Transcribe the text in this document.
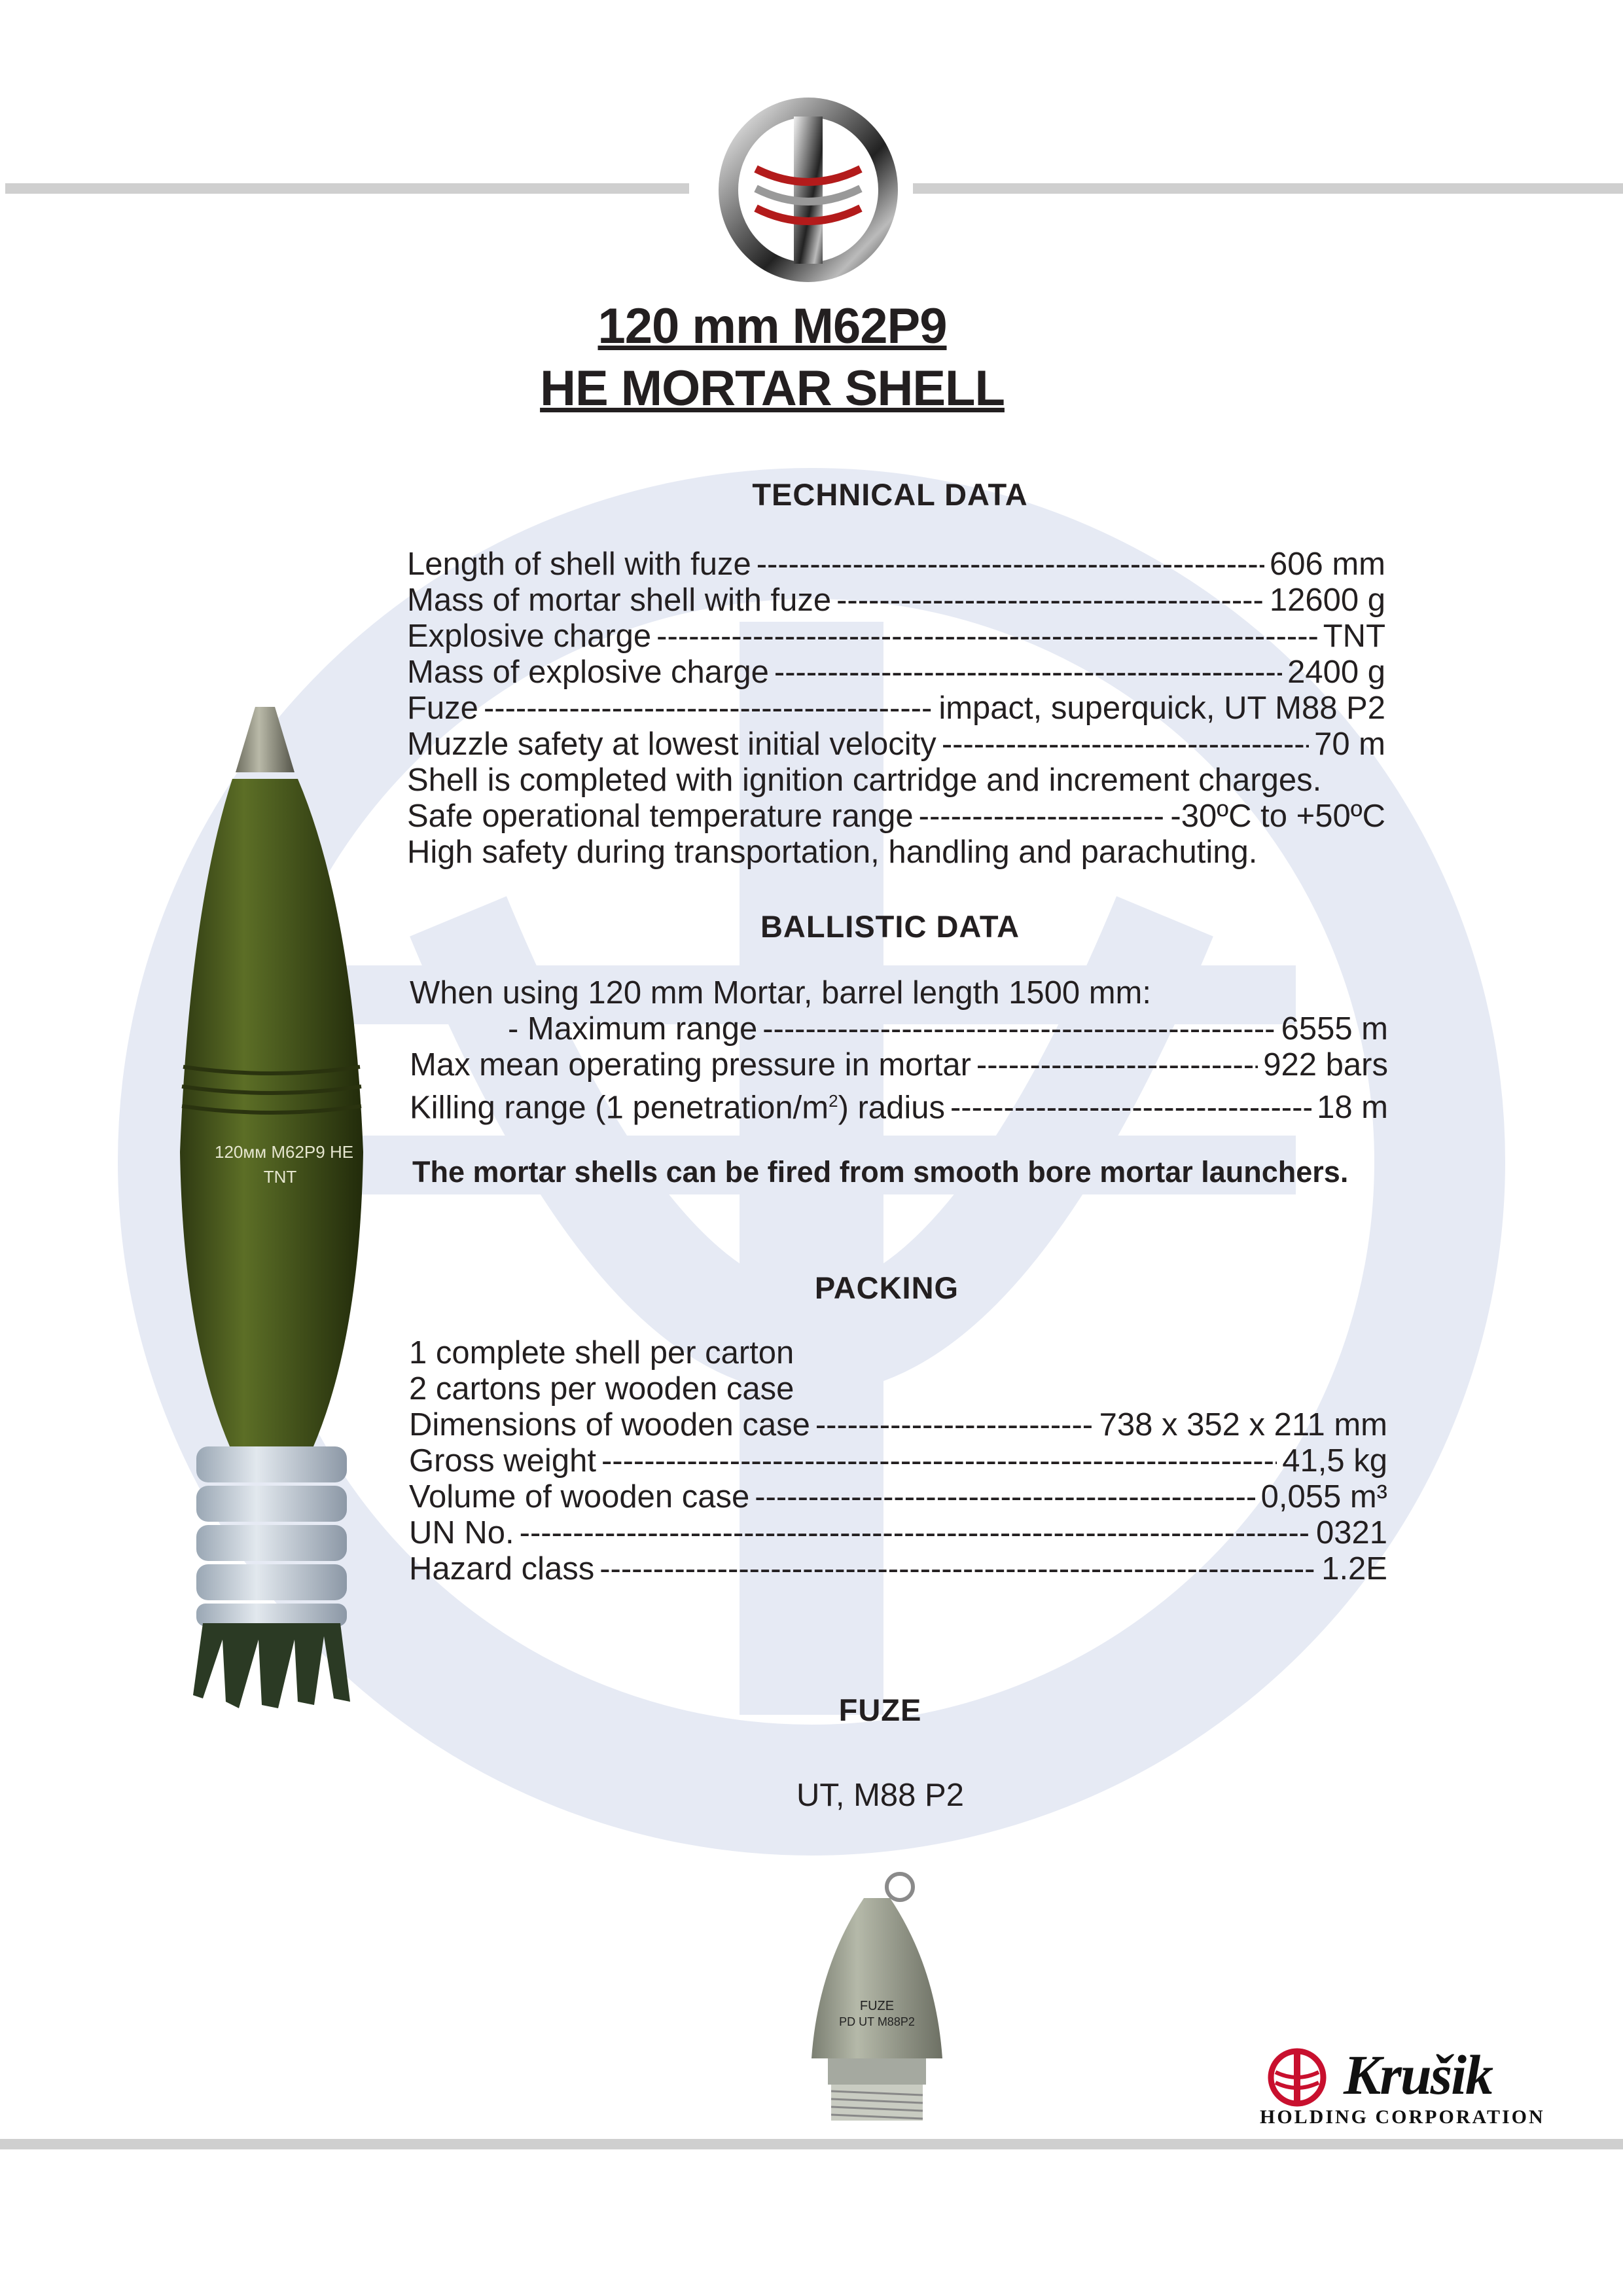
120 mm M62P9
HE MORTAR SHELL
TECHNICAL DATA
Length of shell with fuze -----	606 mm
Mass of mortar shell with fuze -----	12600 g
Explosive charge -----	TNT
Mass of explosive charge -----	2400 g
Fuze -----	impact, superquick, UT M88 P2
Muzzle safety at lowest initial velocity -----	70 m
Shell is completed with ignition cartridge and increment charges.
Safe operational temperature range -----	-30ºC to +50ºC
High safety during transportation, handling and parachuting.
BALLISTIC DATA
When using 120 mm Mortar, barrel length 1500 mm:
- Maximum range -----	6555 m
Max mean operating pressure in mortar -----	922 bars
Killing range (1 penetration/$m^2$) radius -----	18 m
The mortar shells can be fired from smooth bore mortar launchers.
PACKING
1 complete shell per carton
2 cartons per wooden case
Dimensions of wooden case -----	738 x 352 x 211 mm
Gross weight -----	41,5 kg
Volume of wooden case -----	0,055 m³
UN No. -----	0321
Hazard class -----	1.2E
FUZE
UT, M88 P2
120мм M62P9 HE
TNT
FUZE
PD UT M88P2
Krušik
HOLDING CORPORATION
